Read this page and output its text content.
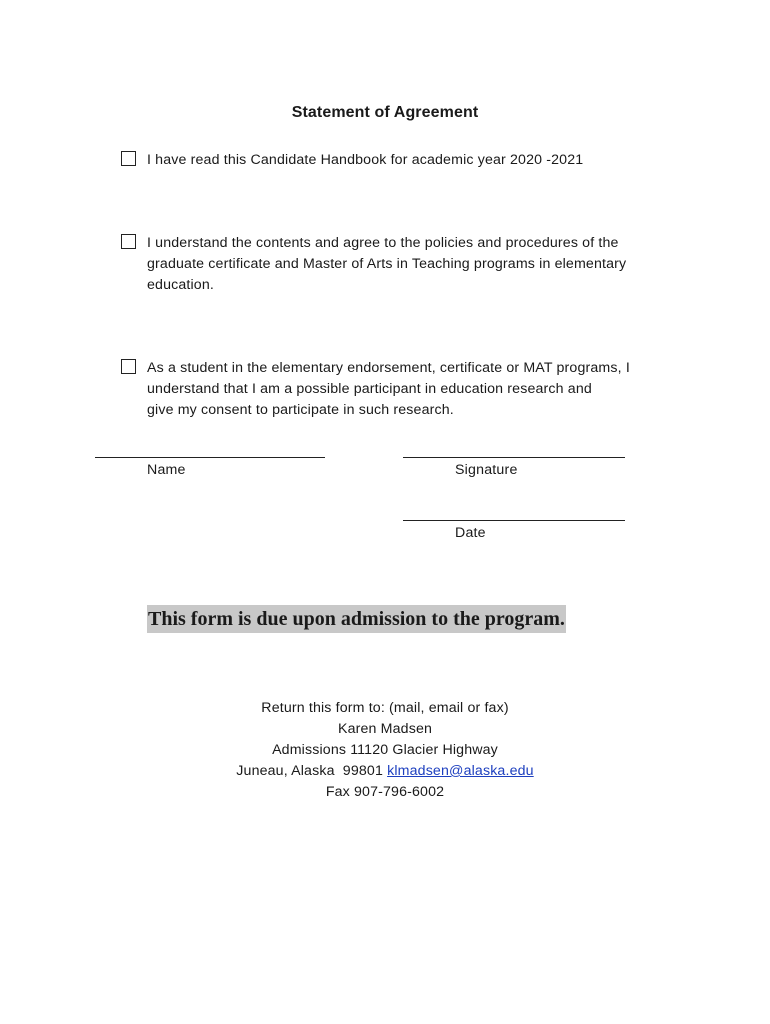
Statement of Agreement
I have read this Candidate Handbook for academic year 2020 -2021
I understand the contents and agree to the policies and procedures of the
graduate certificate and Master of Arts in Teaching programs in elementary
education.
As a student in the elementary endorsement, certificate or MAT programs, I
understand that I am a possible participant in education research and
give my consent to participate in such research.
Name	Signature
Date
This form is due upon admission to the program.
Return this form to: (mail, email or fax)
Karen Madsen
Admissions 11120 Glacier Highway
Juneau, Alaska  99801 klmadsen@alaska.edu
Fax 907-796-6002
